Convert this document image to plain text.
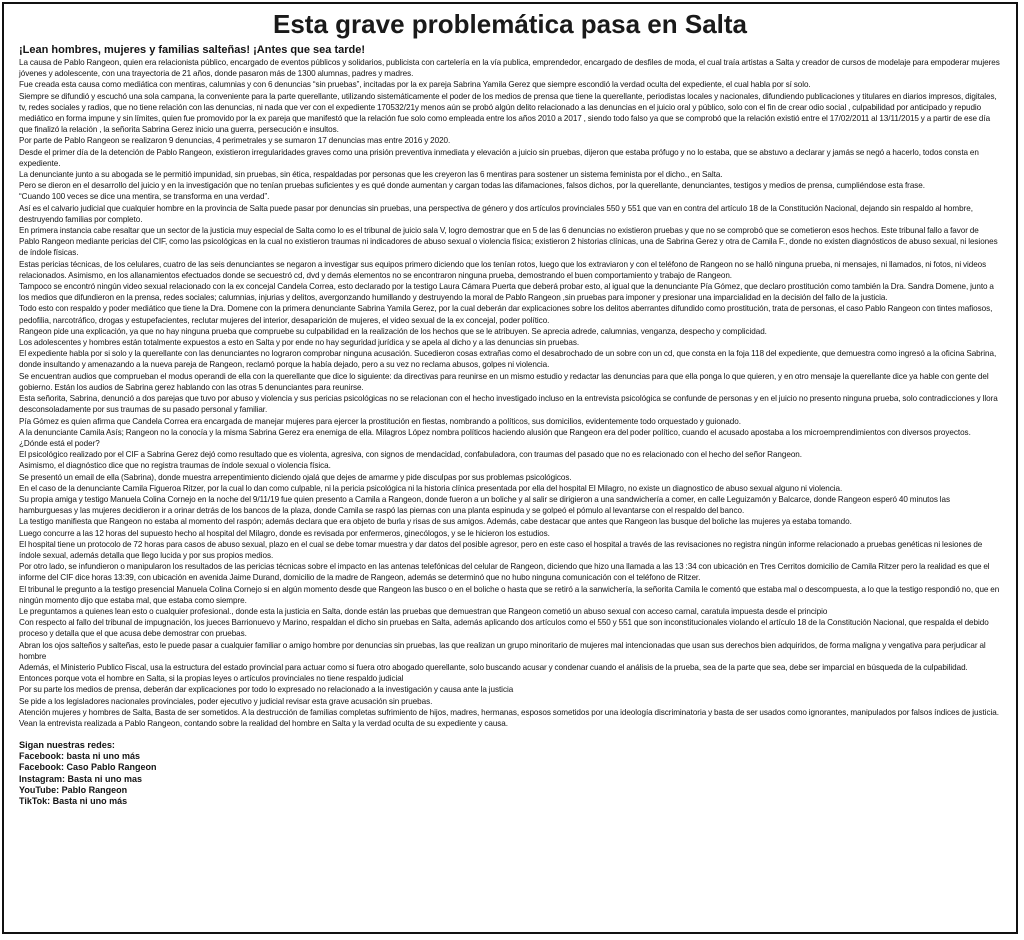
Esta grave problemática pasa en Salta

¡Lean hombres, mujeres y familias salteñas! ¡Antes que sea tarde!

La causa de Pablo Rangeon, quien era relacionista público, encargado de eventos públicos y solidarios, publicista con cartelería en la vía publica, emprendedor, encargado de desfiles de moda, el cual traía artistas a Salta y creador de cursos de modelaje para empoderar mujeres jóvenes y adolescente, con una trayectoria de 21 años, donde pasaron más de 1300 alumnas, padres y madres.

Fue creada esta causa como mediática con mentiras, calumnias y con 6 denuncias “sin pruebas”, incitadas por la ex pareja Sabrina Yamila Gerez que siempre escondió la verdad oculta del expediente, el cual habla por sí solo.

Siempre se difundió y escuchó una sola campana, la conveniente para la parte querellante, utilizando sistemáticamente el poder de los medios de prensa que tiene la querellante, periodistas locales y nacionales, difundiendo publicaciones y titulares en diarios impresos, digitales, tv, redes sociales y radios, que no tiene relación con las denuncias, ni nada que ver con el expediente 170532/21y menos aún se probó algún delito relacionado a las denuncias en el juicio oral y público, solo con el fin de crear odio social , culpabilidad por anticipado y repudio mediático en forma impune y sin límites, quien fue promovido por la ex pareja que manifestó que la relación fue solo como empleada entre los años 2010 a 2017 , siendo todo falso ya que se comprobó que la relación existió entre el 17/02/2011 al 13/11/2015 y a partir de ese día que finalizó la relación , la señorita Sabrina Gerez inicio una guerra, persecución e insultos.

Por parte de Pablo Rangeon se realizaron 9 denuncias, 4 perimetrales y se sumaron 17 denuncias mas entre 2016 y 2020.

Desde el primer día de la detención de Pablo Rangeon, existieron irregularidades graves como una prisión preventiva inmediata y elevación a juicio sin pruebas, dijeron que estaba prófugo y no lo estaba, que se abstuvo a declarar y jamás se negó a hacerlo, todos consta en expediente.

La denunciante junto a su abogada se le permitió impunidad, sin pruebas, sin ética, respaldadas por personas que les creyeron las 6 mentiras para sostener un sistema feminista por el dicho., en Salta.

Pero se dieron en el desarrollo del juicio y en la investigación que no tenían pruebas suficientes y es qué donde aumentan y cargan todas las difamaciones, falsos dichos, por la querellante, denunciantes, testigos y medios de prensa, cumpliéndose esta frase.

“Cuando 100 veces se dice una mentira, se transforma en una verdad”.

Así es el calvario judicial que cualquier hombre en la provincia de Salta puede pasar por denuncias sin pruebas, una perspectiva de género y dos artículos provinciales 550 y 551 que van en contra del artículo 18 de la Constitución Nacional, dejando sin respaldo al hombre, destruyendo familias por completo.

En primera instancia cabe resaltar que un sector de la justicia muy especial de Salta como lo es el tribunal de juicio sala V, logro demostrar que en 5 de las 6 denuncias no existieron pruebas y que no se comprobó que se cometieron esos hechos. Este tribunal fallo a favor de Pablo Rangeon mediante pericias del CIF, como las psicológicas en la cual no existieron traumas ni indicadores de abuso sexual o violencia física; existieron 2 historias clínicas, una de Sabrina Gerez y otra de Camila F., donde no existen diagnósticos de abuso sexual, ni lesiones de índole físicas.

Estas pericias técnicas, de los celulares, cuatro de las seis denunciantes se negaron a investigar sus equipos primero diciendo que los tenían rotos, luego que los extraviaron y con el teléfono de Rangeon no se halló ninguna prueba, ni mensajes, ni llamados, ni fotos, ni videos relacionados. Asimismo, en los allanamientos efectuados donde se secuestró cd, dvd y demás elementos no se encontraron ninguna prueba, demostrando el buen comportamiento y trabajo de Rangeon.

Tampoco se encontró ningún video sexual relacionado con la ex concejal Candela Correa, esto declarado por la testigo Laura Cámara Puerta que deberá probar esto, al igual que la denunciante Pía Gómez, que declaro prostitución como también la Dra. Sandra Domene, junto a los medios que difundieron en la prensa, redes sociales; calumnias, injurias y delitos, avergonzando humillando y destruyendo la moral de Pablo Rangeon ,sin pruebas para imponer y presionar una imparcialidad en la decisión del fallo de la justicia.

Todo esto con respaldo y poder mediático que tiene la Dra. Domene con la primera denunciante Sabrina Yamila Gerez, por la cual deberán dar explicaciones sobre los delitos aberrantes difundido como prostitución, trata de personas, el caso Pablo Rangeon con tintes mafiosos, pedofilia, narcotráfico, drogas y estupefacientes, reclutar mujeres del interior, desaparición de mujeres, el video sexual de la ex concejal, poder político.

Rangeon pide una explicación, ya que no hay ninguna prueba que compruebe su culpabilidad en la realización de los hechos que se le atribuyen. Se aprecia adrede, calumnias, venganza, despecho y complicidad.

Los adolescentes y hombres están totalmente expuestos a esto en Salta y por ende no hay seguridad jurídica y se apela al dicho y a las denuncias sin pruebas.

El expediente habla por si solo y la querellante con las denunciantes no lograron comprobar ninguna acusación. Sucedieron cosas extrañas como el desabrochado de un sobre con un cd, que consta en la foja 118 del expediente, que demuestra como ingresó a la oficina Sabrina, donde insultando y amenazando a la nueva pareja de Rangeon, reclamó porque la había dejado, pero a su vez no reclama abusos, golpes ni violencia.

Se encuentran audios que comprueban el modus operandi de ella con la querellante que dice lo siguiente: da directivas para reunirse en un mismo estudio y redactar las denuncias para que ella ponga lo que quieren, y en otro mensaje la querellante dice ya hable con gente del gobierno. Están los audios de Sabrina gerez hablando con las otras 5 denunciantes para reunirse.

Esta señorita, Sabrina, denunció a dos parejas que tuvo por abuso y violencia y sus pericias psicológicas no se relacionan con el hecho investigado incluso en la entrevista psicológica se confunde de personas y en el juicio no presento ninguna prueba, solo contradicciones y llora desconsoladamente por sus traumas de su pasado personal y familiar.

Pía Gómez es quien afirma que Candela Correa era encargada de manejar mujeres para ejercer la prostitución en fiestas, nombrando a políticos, sus domicilios, evidentemente todo orquestado y guionado.

A la denunciante Camila Asís; Rangeon no la conocía y la misma Sabrina Gerez era enemiga de ella. Milagros López nombra políticos haciendo alusión que Rangeon era del poder político, cuando el acusado apostaba a los microemprendimientos con diversos proyectos. ¿Dónde está el poder?

El psicológico realizado por el CIF a Sabrina Gerez dejó como resultado que es violenta, agresiva, con signos de mendacidad, confabuladora, con traumas del pasado que no es relacionado con el hecho del señor Rangeon.

Asimismo, el diagnóstico dice que no registra traumas de índole sexual o violencia física.

Se presentó un email de ella (Sabrina), donde muestra arrepentimiento diciendo ojalá que dejes de amarme y pide disculpas por sus problemas psicológicos.

En el caso de la denunciante Camila Figueroa Ritzer, por la cual lo dan como culpable, ni la pericia psicológica ni la historia clínica presentada por ella del hospital El Milagro, no existe un diagnostico de abuso sexual alguno ni violencia.

Su propia amiga y testigo Manuela Colina Cornejo en la noche del 9/11/19 fue quien presento a Camila a Rangeon, donde fueron a un boliche y al salir se dirigieron a una sandwichería a comer, en calle Leguizamón y Balcarce, donde Rangeon esperó 40 minutos las hamburguesas y las mujeres decidieron ir a orinar detrás de los bancos de la plaza, donde Camila se raspó las piernas con una planta espinuda y se golpeó el pómulo al levantarse con el respaldo del banco.

La testigo manifiesta que Rangeon no estaba al momento del raspón; además declara que era objeto de burla y risas de sus amigos. Además, cabe destacar que antes que Rangeon las busque del boliche las mujeres ya estaba tomando.

Luego concurre a las 12 horas del supuesto hecho al hospital del Milagro, donde es revisada por enfermeros, ginecólogos, y se le hicieron los estudios.

El hospital tiene un protocolo de 72 horas para casos de abuso sexual, plazo en el cual se debe tomar muestra y dar datos del posible agresor, pero en este caso el hospital a través de las revisaciones no registra ningún informe relacionado a pruebas genéticas ni lesiones de índole sexual, además detalla que llego lucida y por sus propios medios.

Por otro lado, se infundieron o manipularon los resultados de las pericias técnicas sobre el impacto en las antenas telefónicas del celular de Rangeon, diciendo que hizo una llamada a las 13 :34 con ubicación en Tres Cerritos domicilio de Camila Ritzer pero la realidad es que el informe del CIF dice horas 13:39, con ubicación en avenida Jaime Durand, domicilio de la madre de Rangeon, además se determinó que no hubo ninguna comunicación con el teléfono de Ritzer.

El tribunal le pregunto a la testigo presencial Manuela Colina Cornejo si en algún momento desde que Rangeon las busco o en el boliche o hasta que se retiró a la sanwichería, la señorita Camila le comentó que estaba mal o descompuesta, a lo que la testigo respondió no, que en ningún momento dijo que estaba mal, que estaba como siempre.

Le preguntamos a quienes lean esto o cualquier profesional., donde esta la justicia en Salta, donde están las pruebas que demuestran que Rangeon cometió un abuso sexual con acceso carnal, caratula impuesta desde el principio

Con respecto al fallo del tribunal de impugnación, los jueces Barrionuevo y Marino, respaldan el dicho sin pruebas en Salta, además aplicando dos artículos como el 550 y 551 que son inconstitucionales violando el artículo 18 de la Constitución Nacional, que respalda el debido proceso y detalla que el que acusa debe demostrar con pruebas.

Abran los ojos salteños y salteñas, esto le puede pasar a cualquier familiar o amigo hombre por denuncias sin pruebas, las que realizan un grupo minoritario de mujeres mal intencionadas que usan sus derechos bien adquiridos, de forma maligna y vengativa para perjudicar al hombre

Además, el Ministerio Publico Fiscal, usa la estructura del estado provincial para actuar como si fuera otro abogado querellante, solo buscando acusar y condenar cuando el análisis de la prueba, sea de la parte que sea, debe ser imparcial en búsqueda de la culpabilidad.

Entonces porque vota el hombre en Salta, si la propias leyes o artículos provinciales no tiene respaldo judicial

Por su parte los medios de prensa, deberán dar explicaciones por todo lo expresado no relacionado a la investigación y causa ante la justicia

Se pide a los legisladores nacionales provinciales, poder ejecutivo y judicial revisar esta grave acusación sin pruebas.

Atención mujeres y hombres de Salta, Basta de ser sometidos. A la destrucción de familias completas sufrimiento de hijos, madres, hermanas, esposos sometidos por una ideología discriminatoria y basta de ser usados como ignorantes, manipulados por falsos índices de justicia.

Vean la entrevista realizada a Pablo Rangeon, contando sobre la realidad del hombre en Salta y la verdad oculta de su expediente y causa.

Sigan nuestras redes:

Facebook: basta ni uno más

Facebook: Caso Pablo Rangeon

Instagram: Basta ni uno mas

YouTube: Pablo Rangeon

TikTok: Basta ni uno más
